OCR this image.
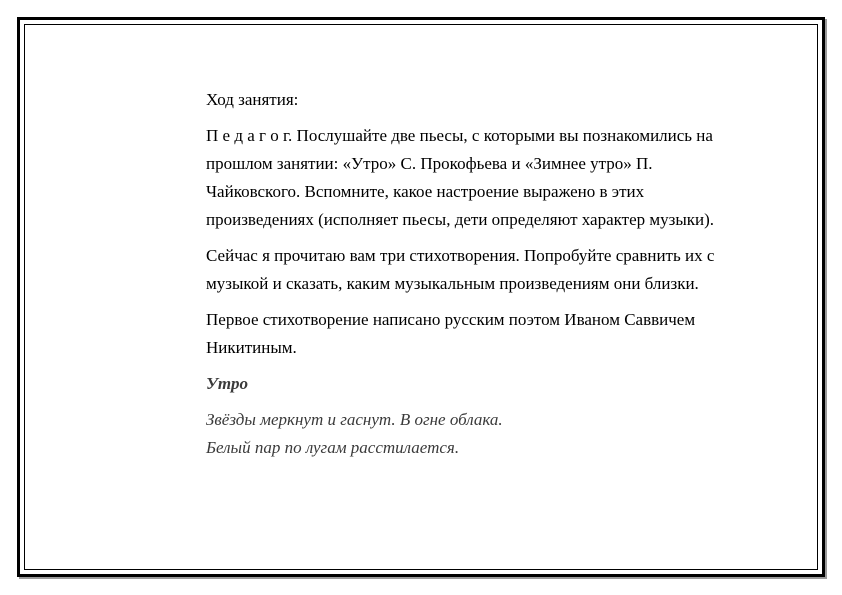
Ход занятия:

П е д а г о г. Послушайте две пьесы, с которыми вы познакомились на прошлом занятии: «Утро» С. Прокофьева и «Зимнее утро» П. Чайковского. Вспомните, какое настроение выражено в этих произведениях (исполняет пьесы, дети определяют характер музыки).

Сейчас я прочитаю вам три стихотворения. Попробуйте сравнить их с музыкой и сказать, каким музыкальным произведениям они близки.

Первое стихотворение написано русским поэтом Иваном Саввичем Никитиным.

Утро

Звёзды меркнут и гаснут. В огне облака.
Белый пар по лугам расстилается.
